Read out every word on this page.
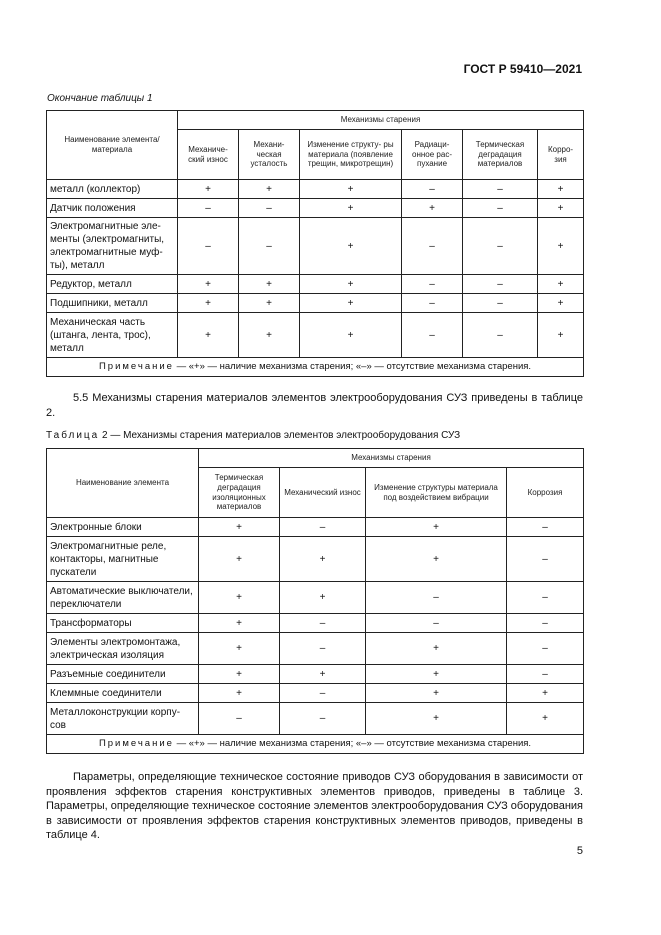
ГОСТ Р 59410—2021
Окончание таблицы 1
Наименование элемента/ материала	Механизмы старения					
	Механиче- ский износ	Механи- ческая усталость	Изменение структу- ры материала (появление трещин, микротрещин)	Радиаци- онное рас- пухание	Термическая деградация материалов	Корро- зия
металл (коллектор)	+	+	+	–	–	+
Датчик положения	–	–	+	+	–	+
Электромагнитные эле- менты (электромагниты, электромагнитные муф- ты), металл	–	–	+	–	–	+
Редуктор, металл	+	+	+	–	–	+
Подшипники, металл	+	+	+	–	–	+
Механическая часть (штанга, лента, трос), металл	+	+	+	–	–	+
Примечание — «+» — наличие механизма старения; «–» — отсутствие механизма старения.						
5.5 Механизмы старения материалов элементов электрооборудования СУЗ приведены в таблице 2.
Таблица 2 — Механизмы старения материалов элементов электрооборудования СУЗ
Наименование элемента	Механизмы старения			
	Термическая деградация изоляционных материалов	Механический износ	Изменение структуры материала под воздействием вибрации	Коррозия
Электронные блоки	+	–	+	–
Электромагнитные реле, контакторы, магнитные пускатели	+	+	+	–
Автоматические выключатели, переключатели	+	+	–	–
Трансформаторы	+	–	–	–
Элементы электромонтажа, электрическая изоляция	+	–	+	–
Разъемные соединители	+	+	+	–
Клеммные соединители	+	–	+	+
Металлоконструкции корпу- сов	–	–	+	+
Примечание — «+» — наличие механизма старения; «–» — отсутствие механизма старения.				
Параметры, определяющие техническое состояние приводов СУЗ оборудования в зависимости от проявления эффектов старения конструктивных элементов приводов, приведены в таблице 3. Параметры, определяющие техническое состояние элементов электрооборудования СУЗ оборудования в зависимости от проявления эффектов старения конструктивных элементов приводов, приведены в таблице 4.
5
